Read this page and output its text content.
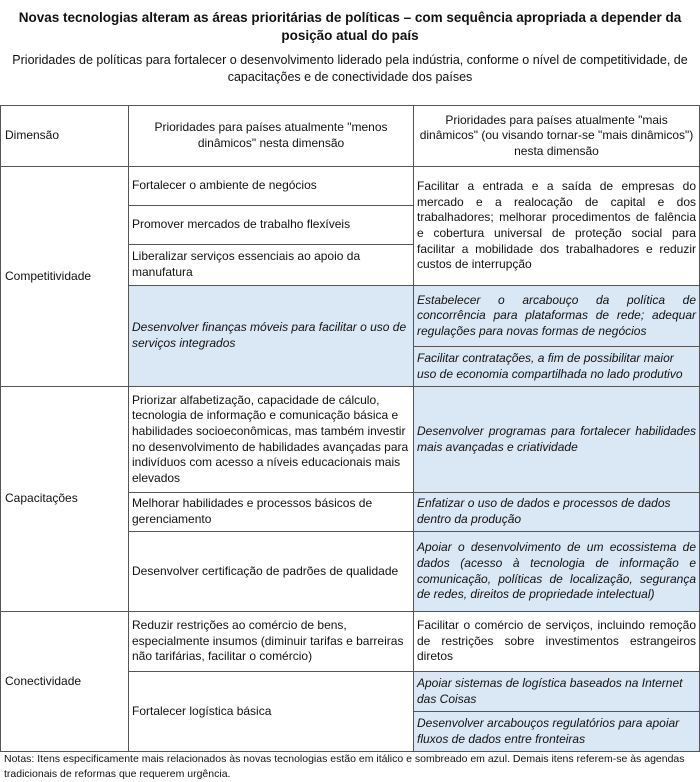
Novas tecnologias alteram as áreas prioritárias de políticas – com sequência apropriada a depender da posição atual do país
Prioridades de políticas para fortalecer o desenvolvimento liderado pela indústria, conforme o nível de competitividade, de capacitações e de conectividade dos países
Dimensão
Prioridades para países atualmente "menos dinâmicos" nesta dimensão
Prioridades para países atualmente "mais dinâmicos" (ou visando tornar-se "mais dinâmicos") nesta dimensão
Competitividade
Fortalecer o ambiente de negócios
Promover mercados de trabalho flexíveis
Liberalizar serviços essenciais ao apoio da manufatura
Desenvolver finanças móveis para facilitar o uso de serviços integrados
Facilitar a entrada e a saída de empresas do mercado e a realocação de capital e dos trabalhadores; melhorar procedimentos de falência e cobertura universal de proteção social para facilitar a mobilidade dos trabalhadores e reduzir custos de interrupção
Estabelecer o arcabouço da política de concorrência para plataformas de rede; adequar regulações para novas formas de negócios
Facilitar contratações, a fim de possibilitar maior uso de economia compartilhada no lado produtivo
Capacitações
Priorizar alfabetização, capacidade de cálculo, tecnologia de informação e comunicação básica e habilidades socioeconômicas, mas também investir no desenvolvimento de habilidades avançadas para indivíduos com acesso a níveis educacionais mais elevados
Melhorar habilidades e processos básicos de gerenciamento
Desenvolver certificação de padrões de qualidade
Desenvolver programas para fortalecer habilidades mais avançadas e criatividade
Enfatizar o uso de dados e processos de dados dentro da produção
Apoiar o desenvolvimento de um ecossistema de dados (acesso à tecnologia de informação e comunicação, políticas de localização, segurança de redes, direitos de propriedade intelectual)
Conectividade
Reduzir restrições ao comércio de bens, especialmente insumos (diminuir tarifas e barreiras não tarifárias, facilitar o comércio)
Fortalecer logística básica
Facilitar o comércio de serviços, incluindo remoção de restrições sobre investimentos estrangeiros diretos
Apoiar sistemas de logística baseados na Internet das Coisas
Desenvolver arcabouços regulatórios para apoiar fluxos de dados entre fronteiras
Notas: Itens especificamente mais relacionados às novas tecnologias estão em itálico e sombreado em azul. Demais itens referem-se às agendas tradicionais de reformas que requerem urgência.
